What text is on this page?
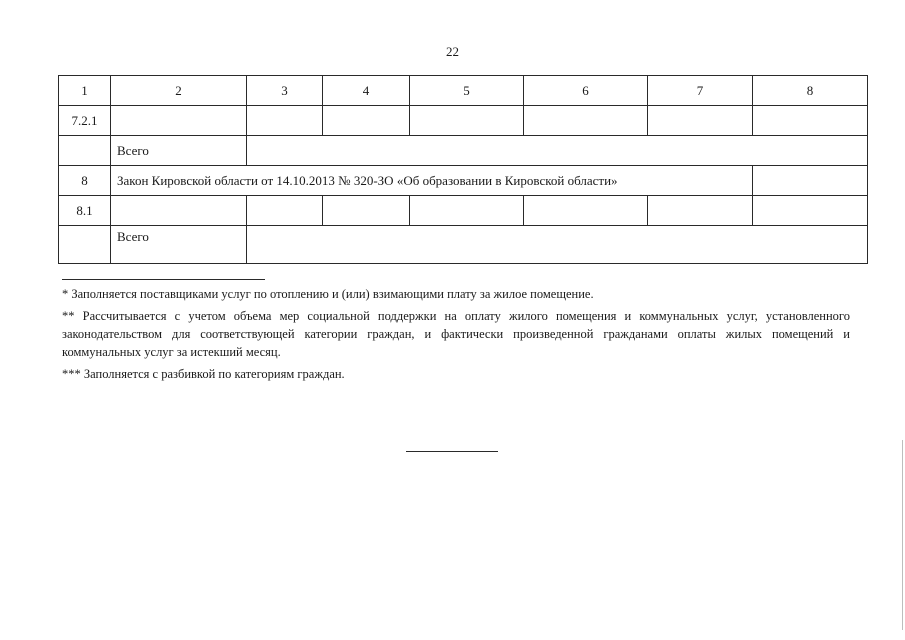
22
1	2	3	4	5	6	7	8
7.2.1							
	Всего						
8	Закон Кировской области от 14.10.2013 № 320-ЗО «Об образовании в Кировской области»						
8.1							
	Всего						

* Заполняется поставщиками услуг по отоплению и (или) взимающими плату за жилое помещение.

** Рассчитывается с учетом объема мер социальной поддержки на оплату жилого помещения и коммунальных услуг, установленного законодательством для соответствующей категории граждан, и фактически произведенной гражданами оплаты жилых помещений и коммунальных услуг за истекший месяц.

*** Заполняется с разбивкой по категориям граждан.
